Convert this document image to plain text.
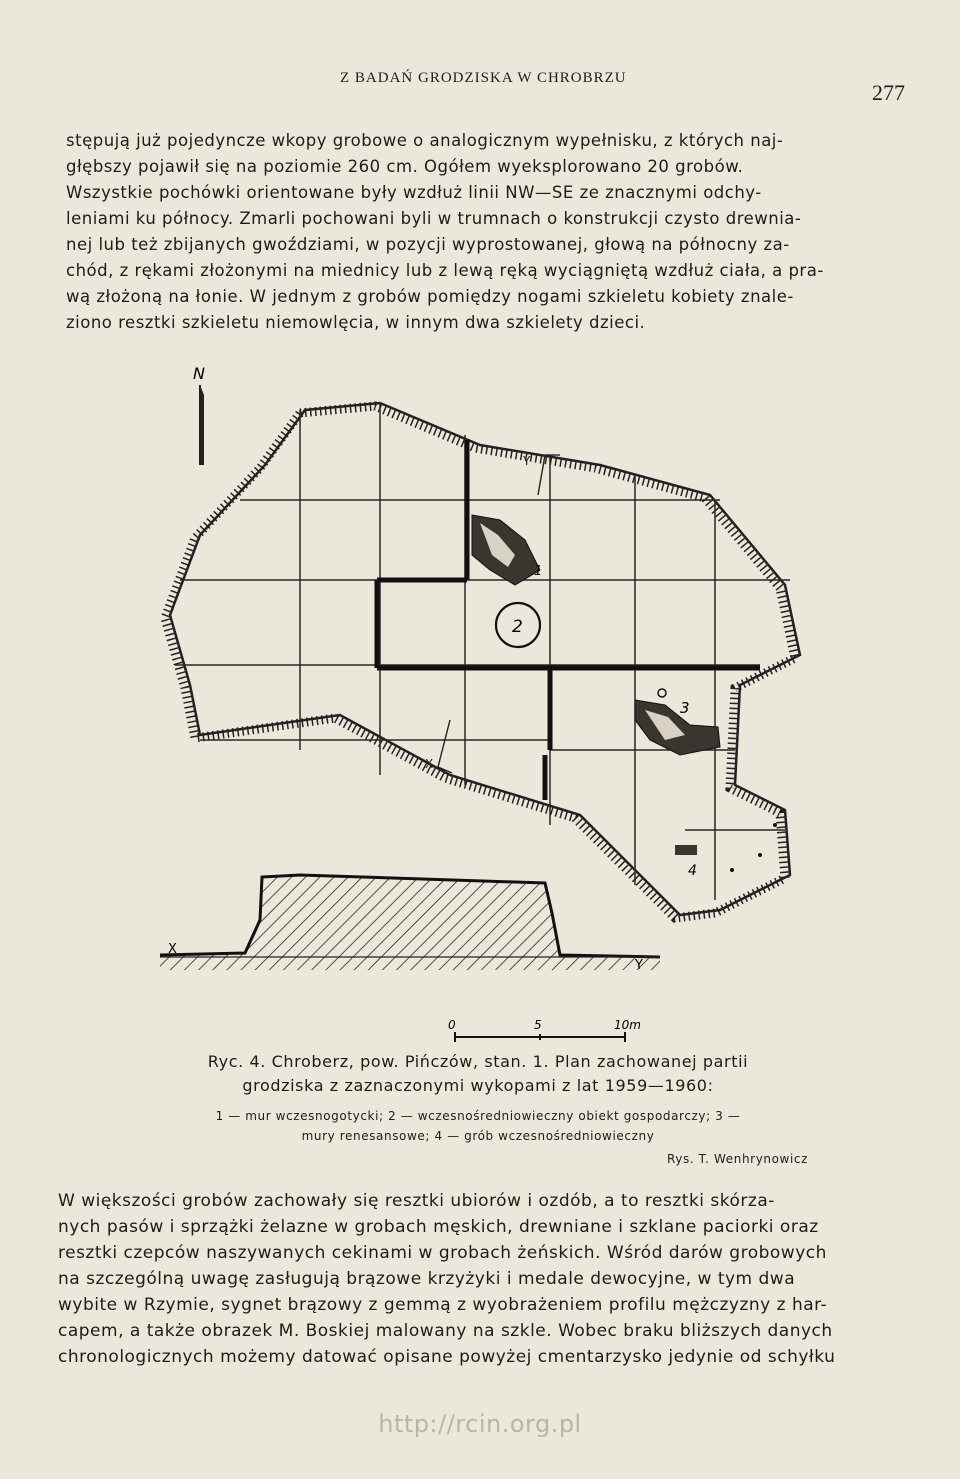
Z BADAŃ GRODZISKA W CHROBRZU
277
stępują już pojedyncze wkopy grobowe o analogicznym wypełnisku, z których naj-
głębszy pojawił się na poziomie 260 cm. Ogółem wyeksplorowano 20 grobów.
Wszystkie pochówki orientowane były wzdłuż linii NW—SE ze znacznymi odchy-
leniami ku północy. Zmarli pochowani byli w trumnach o konstrukcji czysto drewnia-
nej lub też zbijanych gwoździami, w pozycji wyprostowanej, głową na północny za-
chód, z rękami złożonymi na miednicy lub z lewą ręką wyciągniętą wzdłuż ciała, a pra-
wą złożoną na łonie. W jednym z grobów pomiędzy nogami szkieletu kobiety znale-
ziono resztki szkieletu niemowlęcia, w innym dwa szkielety dzieci.
N
1
2
3
4
Y
X
X
Y
0	5	10m
Ryc. 4. Chroberz, pow. Pińczów, stan. 1. Plan zachowanej partii
grodziska z zaznaczonymi wykopami z lat 1959—1960:
1 — mur wczesnogotycki; 2 — wczesnośredniowieczny obiekt gospodarczy; 3 —
mury renesansowe; 4 — grób wczesnośredniowieczny
Rys. T. Wenhrynowicz
W większości grobów zachowały się resztki ubiorów i ozdób, a to resztki skórza-
nych pasów i sprzążki żelazne w grobach męskich, drewniane i szklane paciorki oraz
resztki czepców naszywanych cekinami w grobach żeńskich. Wśród darów grobowych
na szczególną uwagę zasługują brązowe krzyżyki i medale dewocyjne, w tym dwa
wybite w Rzymie, sygnet brązowy z gemmą z wyobrażeniem profilu mężczyzny z har-
capem, a także obrazek M. Boskiej malowany na szkle. Wobec braku bliższych danych
chronologicznych możemy datować opisane powyżej cmentarzysko jedynie od schyłku
http://rcin.org.pl
